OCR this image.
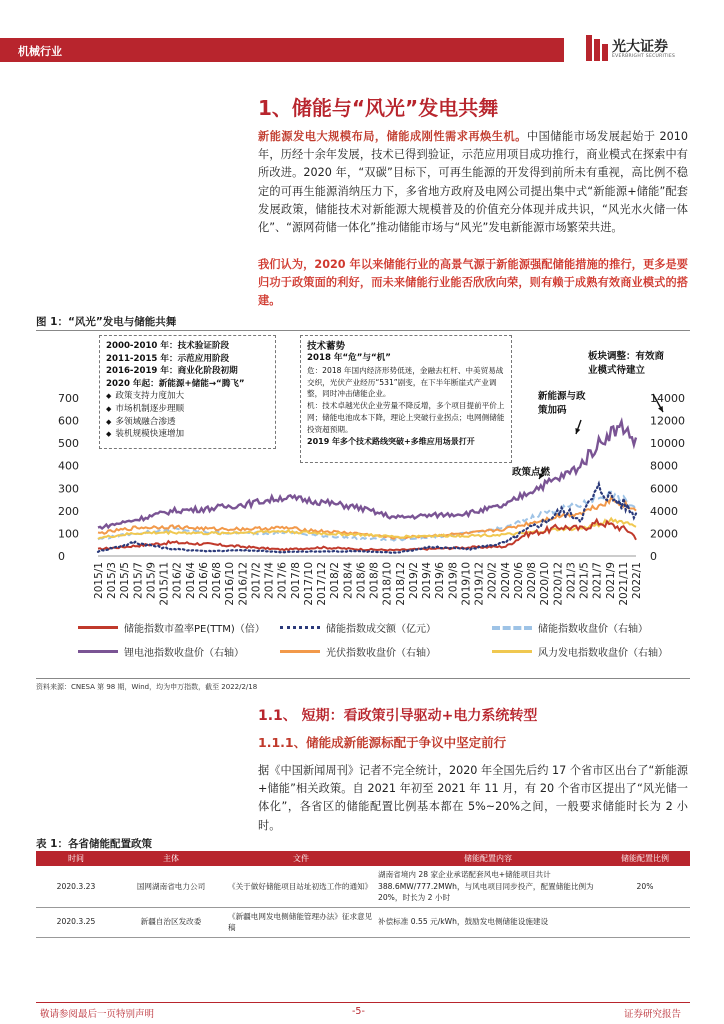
机械行业	光大证券
EVERBRIGHT SECURITIES
1、储能与“风光”发电共舞
新能源发电大规模布局，储能成刚性需求再焕生机。中国储能市场发展起始于 2010 年，历经十余年发展，技术已得到验证，示范应用项目成功推行，商业模式在探索中有所改进。2020 年，“双碳”目标下，可再生能源的开发得到前所未有重视，高比例不稳定的可再生能源消纳压力下，多省地方政府及电网公司提出集中式“新能源+储能”配套发展政策，储能技术对新能源大规模普及的价值充分体现并成共识，“风光水火储一体化”、“源网荷储一体化”推动储能市场与“风光”发电新能源市场繁荣共进。
我们认为，2020 年以来储能行业的高景气源于新能源强配储能措施的推行，更多是要归功于政策面的利好，而未来储能行业能否欣欣向荣，则有赖于成熟有效商业模式的搭建。
图 1：“风光”发电与储能共舞
0
100
200
300
400
500
600
700
0
2000
4000
6000
8000
10000
12000
14000
2015/1 2015/3 2015/5 2015/7 2015/9 2015/11 2016/2 2016/4 2016/6 2016/8 2016/10 2016/12 2017/2 2017/4 2017/6 2017/8 2017/10 2017/12 2018/2 2018/4 2018/6 2018/8 2018/10 2018/12 2019/2 2019/4 2019/6 2019/8 2019/10 2019/12 2020/2 2020/4 2020/6 2020/8 2020/10 2020/12 2021/3 2021/5 2021/7 2021/9 2021/11 2022/1
2000-2010 年：技术验证阶段
2011-2015 年：示范应用阶段
2016-2019 年：商业化阶段初期
2020 年起：新能源+储能→“腾飞”
◆ 政策支持力度加大
◆ 市场机制逐步理顺
◆ 多领域融合渗透
◆ 装机规模快速增加
技术蓄势
2018 年“危”与“机”
危：2018 年国内经济形势低迷，金融去杠杆、中美贸易战交织，光伏产业经历“531”剧变，在下半年断崖式产业调整，同时冲击储能企业。
机：技术卓越光伏企业劳量不降反增，多个项目提前平价上网；储能电池成本下降，理论上突破行业拐点；电网侧储能投资超预期。
2019 年多个技术路线突破+多维应用场景打开
政策点燃
新能源与政
策加码
板块调整：有效商
业模式待建立
储能指数市盈率PE(TTM)（倍）	储能指数成交额（亿元）	储能指数收盘价（右轴）
锂电池指数收盘价（右轴）	光伏指数收盘价（右轴）	风力发电指数收盘价（右轴）
资料来源：CNESA 第 98 期，Wind，均为申万指数，截至 2022/2/18
1.1、 短期：看政策引导驱动+电力系统转型
1.1.1、储能成新能源标配于争议中坚定前行
据《中国新闻周刊》记者不完全统计，2020 年全国先后约 17 个省市区出台了“新能源+储能”相关政策。自 2021 年初至 2021 年 11 月，有 20 个省市区提出了“风光储一体化”，各省区的储能配置比例基本都在 5%~20%之间，一般要求储能时长为 2 小时。
表 1：各省储能配置政策
时间	主体	文件	储能配置内容	储能配置比例
2020.3.23	国网湖南省电力公司	《关于做好储能项目站址初选工作的通知》	湖南省境内 28 家企业承诺配套风电+储能项目共计 388.6MW/777.2MWh，与风电项目同步投产，配置储能比例为 20%，时长为 2 小时	20%
2020.3.25	新疆自治区发改委	《新疆电网发电侧储能管理办法》征求意见稿	补偿标准 0.55 元/kWh，鼓励发电侧储能设施建设	
敬请参阅最后一页特别声明	-5-	证券研究报告
